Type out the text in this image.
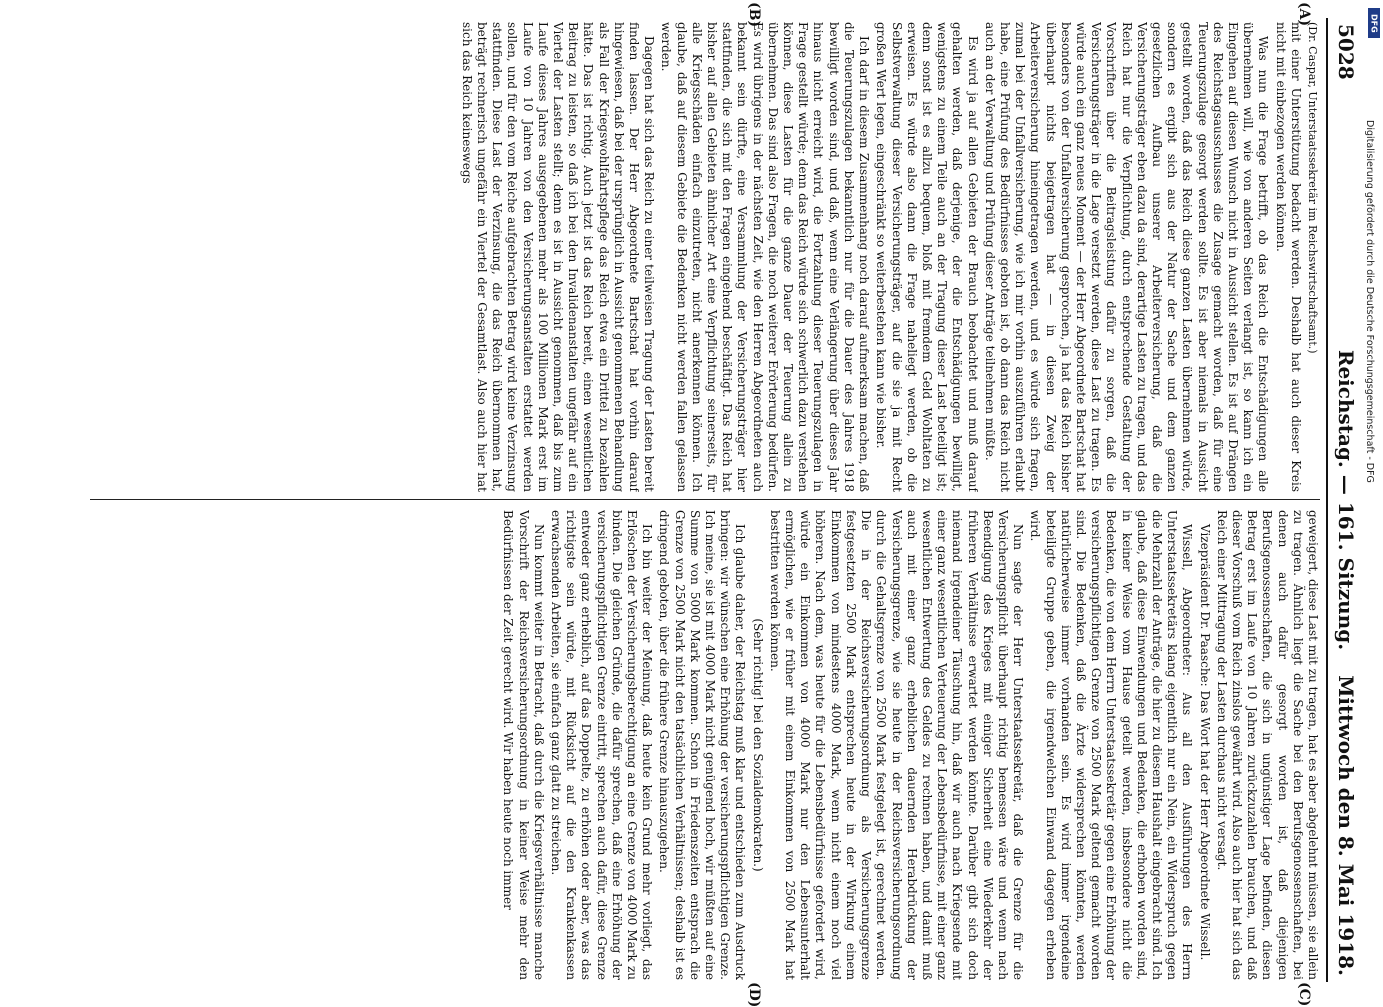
5028
Reichstag. — 161. Sitzung.
Mittwoch den 8. Mai 1918.
(A)
(B)
(C)
(D)

(Dr. Caspar, Unterstaatssekretär im Reichswirtschaftsamt.)

mit einer Unterstützung bedacht werden. Deshalb hat auch dieser Kreis nicht mit einbezogen werden können.

Was nun die Frage betrifft, ob das Reich die Entschädigungen alle übernehmen will, wie von anderen Seiten verlangt ist, so kann ich ein Eingehen auf diesen Wunsch nicht in Aussicht stellen. Es ist auf Drängen des Reichstagsausschusses die Zusage gemacht worden, daß für eine Teuerungszulage gesorgt werden sollte. Es ist aber niemals in Aussicht gestellt worden, daß das Reich diese ganzen Lasten übernehmen würde, sondern es ergibt sich aus der Natur der Sache und dem ganzen gesetzlichen Aufbau unserer Arbeiterversicherung, daß die Versicherungsträger eben dazu da sind, derartige Lasten zu tragen, und das Reich hat nur die Verpflichtung, durch entsprechende Gestaltung der Vorschriften über die Beitragsleistung dafür zu sorgen, daß die Versicherungsträger in die Lage versetzt werden, diese Last zu tragen. Es würde auch ein ganz neues Moment — der Herr Abgeordnete Bartschat hat besonders von der Unfallversicherung gesprochen, ja hat das Reich bisher überhaupt nichts beigetragen hat — in diesen Zweig der Arbeiterversicherung hineingetragen werden, und es würde sich fragen, zumal bei der Unfallversicherung, wie ich mir vorhin auszuführen erlaubt habe, eine Prüfung des Bedürfnisses geboten ist, ob dann das Reich nicht auch an der Verwaltung und Prüfung dieser Anträge teilnehmen müßte.

Es wird ja auf allen Gebieten der Brauch beobachtet und muß darauf gehalten werden, daß derjenige, der die Entschädigungen bewilligt, wenigstens zu einem Teile auch an der Tragung dieser Last beteiligt ist; denn sonst ist es allzu bequem, bloß mit fremdem Geld Wohltaten zu erweisen. Es würde also dann die Frage naheliegt werden, ob die Selbstverwaltung dieser Versicherungsträger, auf die sie ja mit Recht großen Wert legen, eingeschränkt so weiterbestehen kann wie bisher.

Ich darf in diesem Zusammenhang noch darauf aufmerksam machen, daß die Teuerungszulagen bekanntlich nur für die Dauer des Jahres 1918 bewilligt worden sind, und daß, wenn eine Verlängerung über dieses Jahr hinaus nicht erreicht wird, die Fortzahlung dieser Teuerungszulagen in Frage gestellt würde; denn das Reich würde sich schwerlich dazu verstehen können, diese Lasten für die ganze Dauer der Teuerung allein zu übernehmen. Das sind also Fragen, die noch weiterer Erörterung bedürfen. Es wird übrigens in der nächsten Zeit, wie den Herren Abgeordneten auch bekannt sein dürfte, eine Versammlung der Versicherungsträger hier stattfinden, die sich mit den Fragen eingehend beschäftigt. Das Reich hat bisher auf allen Gebieten ähnlicher Art eine Verpflichtung seinerseits, für alle Kriegsschäden einfach einzutreten, nicht anerkennen können. Ich glaube, daß auf diesem Gebiete die Bedenken nicht werden fallen gelassen werden.

Dagegen hat sich das Reich zu einer teilweisen Tragung der Lasten bereit finden lassen. Der Herr Abgeordnete Bartschat hat vorhin darauf hingewiesen, daß bei der ursprünglich in Aussicht genommenen Behandlung als Fall der Kriegswohlfahrtspflege das Reich etwa ein Drittel zu bezahlen hätte. Das ist richtig. Auch jetzt ist das Reich bereit, einen wesentlichen Beitrag zu leisten, so daß ich bei den Invalidenanstalten ungefähr auf ein Viertel der Lasten stellt; denn es ist in Aussicht genommen, daß bis zum Laufe dieses Jahres ausgegebenen mehr als 100 Millionen Mark erst im Laufe von 10 Jahren von den Versicherungsanstalten erstattet werden sollen, und für den vom Reiche aufgebrachten Betrag wird keine Verzinsung stattfinden. Diese Last der Verzinsung, die das Reich übernommen hat, beträgt rechnerisch ungefähr ein Viertel der Gesamtlast. Also auch hier hat sich das Reich keineswegs

geweigert, diese Last mit zu tragen, hat es aber abgelehnt müssen, sie allein zu tragen. Ähnlich liegt die Sache bei den Berufsgenossenschaften, bei denen auch dafür gesorgt worden ist, daß diejenigen Berufsgenossenschaften, die sich in ungünstiger Lage befinden, diesen Betrag erst im Laufe von 10 Jahren zurückzuzahlen brauchen, und daß dieser Vorschuß vom Reich zinslos gewährt wird. Also auch hier hat sich das Reich einer Mittragung der Lasten durchaus nicht versagt.

Vizepräsident Dr. Paasche: Das Wort hat der Herr Abgeordnete Wissell.

Wissell, Abgeordneter: Aus all den Ausführungen des Herrn Unterstaatssekretärs klang eigentlich nur ein Nein, ein Widerspruch gegen die Mehrzahl der Anträge, die hier zu diesem Haushalt eingebracht sind. Ich glaube, daß diese Einwendungen und Bedenken, die erhoben worden sind, in keiner Weise vom Hause geteilt werden, insbesondere nicht die Bedenken, die von dem Herrn Unterstaatssekretär gegen eine Erhöhung der versicherungspflichtigen Grenze von 2500 Mark geltend gemacht worden sind. Die Bedenken, daß die Ärzte widersprechen könnten, werden natürlicherweise immer vorhanden sein. Es wird immer irgendeine beteiligte Gruppe geben, die irgendwelchen Einwand dagegen erheben wird.

Nun sagte der Herr Unterstaatssekretär, daß die Grenze für die Versicherungspflicht überhaupt richtig bemessen wäre und wenn nach Beendigung des Krieges mit einiger Sicherheit eine Wiederkehr der früheren Verhältnisse erwartet werden könnte. Darüber gibt sich doch niemand irgendeiner Täuschung hin, daß wir auch nach Kriegsende mit einer ganz wesentlichen Verteuerung der Lebensbedürfnisse, mit einer ganz wesentlichen Entwertung des Geldes zu rechnen haben, und damit muß auch mit einer ganz erheblichen dauernden Herabdrückung der Versicherungsgrenze, wie sie heute in der Reichsversicherungsordnung durch die Gehaltsgrenze von 2500 Mark festgelegt ist, gerechnet werden. Die in der Reichsversicherungsordnung als Versicherungsgrenze festgesetzten 2500 Mark entsprechen heute in der Wirkung einem Einkommen von mindestens 4000 Mark, wenn nicht einem noch viel höheren. Nach dem, was heute für die Lebensbedürfnisse gefordert wird, würde ein Einkommen von 4000 Mark nur den Lebensunterhalt ermöglichen, wie er früher mit einem Einkommen von 2500 Mark hat bestritten werden können.

(Sehr richtig! bei den Sozialdemokraten.)

Ich glaube daher, der Reichstag muß klar und entschieden zum Ausdruck bringen: wir wünschen eine Erhöhung der versicherungspflichtigen Grenze. Ich meine, sie ist mit 4000 Mark nicht genügend hoch, wir müßten auf eine Summe von 5000 Mark kommen. Schon in Friedenszeiten entsprach die Grenze von 2500 Mark nicht den tatsächlichen Verhältnissen; deshalb ist es dringend geboten, über die frühere Grenze hinauszugehen.

Ich bin weiter der Meinung, daß heute kein Grund mehr vorliegt, das Erlöschen der Versicherungsberechtigung an eine Grenze von 4000 Mark zu binden. Die gleichen Gründe, die dafür sprechen, daß eine Erhöhung der versicherungspflichtigen Grenze eintritt, sprechen auch dafür, diese Grenze entweder ganz erheblich, auf das Doppelte, zu erhöhen oder aber, was das richtigste sein würde, mit Rücksicht auf die den Krankenkassen erwachsenden Arbeiten, sie einfach ganz glatt zu streichen.

Nun kommt weiter in Betracht, daß durch die Kriegsverhältnisse manche Vorschrift der Reichsversicherungsordnung in keiner Weise mehr den Bedürfnissen der Zeit gerecht wird. Wir haben heute noch immer

DFG
Digitalisierung gefördert durch die Deutsche Forschungsgemeinschaft - DFG
